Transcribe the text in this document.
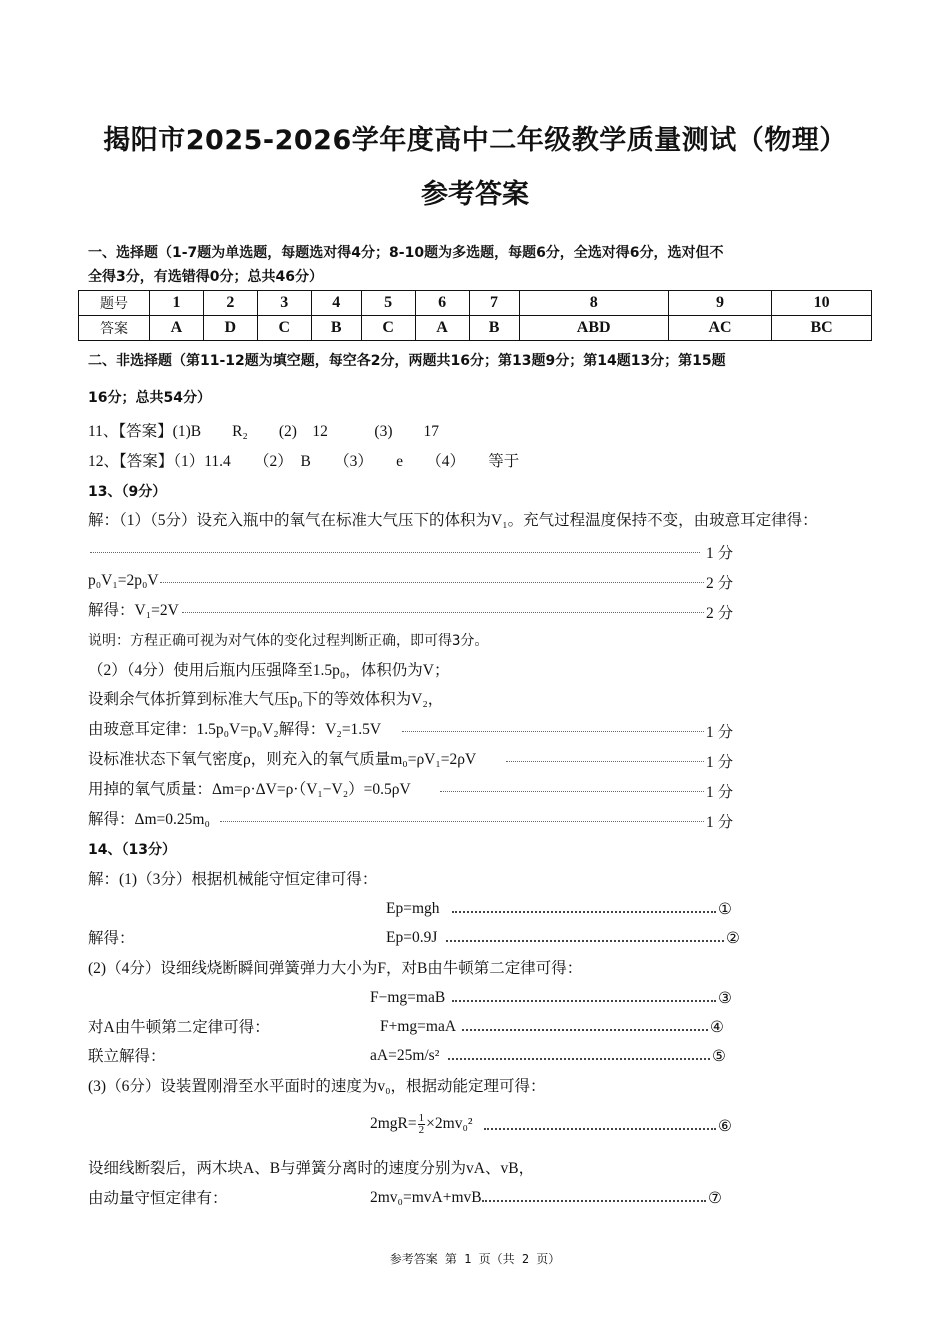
揭阳市2025-2026学年度高中二年级教学质量测试（物理）
参考答案
一、选择题（1-7题为单选题，每题选对得4分；8-10题为多选题，每题6分，全选对得6分，选对但不
全得3分，有选错得0分；总共46分）
题号	1	2	3	4	5	6	7	8	9	10
答案	A	D	C	B	C	A	B	ABD	AC	BC
二、非选择题（第11-12题为填空题，每空各2分，两题共16分；第13题9分；第14题13分；第15题
16分；总共54分）
11、【答案】(1)B　　R₂　　(2)　12　　　(3)　　17
12、【答案】（1）11.4　　（2）　B　　（3）　　e　　（4）　　等于
13、（9分）
解：（1）（5分）设充入瓶中的氧气在标准大气压下的体积为V₁。充气过程温度保持不变，由玻意耳定律得：
1 分
p₀V₁=2p₀V	2 分
解得：V₁=2V	2 分
说明：方程正确可视为对气体的变化过程判断正确，即可得3分。
（2）（4分）使用后瓶内压强降至1.5p₀，体积仍为V；
设剩余气体折算到标准大气压p₀下的等效体积为V₂，
由玻意耳定律：1.5p₀V=p₀V₂解得：V₂=1.5V	1 分
设标准状态下氧气密度ρ，则充入的氧气质量m₀=ρV₁=2ρV	1 分
用掉的氧气质量：Δm=ρ·ΔV=ρ·（V₁−V₂）=0.5ρV	1 分
解得：Δm=0.25m₀	1 分
14、（13分）
解：(1)（3分）根据机械能守恒定律可得：
Ep=mgh	①
解得：	Ep=0.9J	②
(2)（4分）设细线烧断瞬间弹簧弹力大小为F，对B由牛顿第二定律可得：
F−mg=maB	③
对A由牛顿第二定律可得：	F+mg=maA	④
联立解得：	aA=25m/s²	⑤
(3)（6分）设装置刚滑至水平面时的速度为v₀，根据动能定理可得：
$2mgR= \frac{1}{2} \times 2mv_0^2$	⑥
设细线断裂后，两木块A、B与弹簧分离时的速度分别为vA、vB，
由动量守恒定律有：	2mv₀=mvA+mvB	⑦
参考答案 第 1 页（共 2 页）
